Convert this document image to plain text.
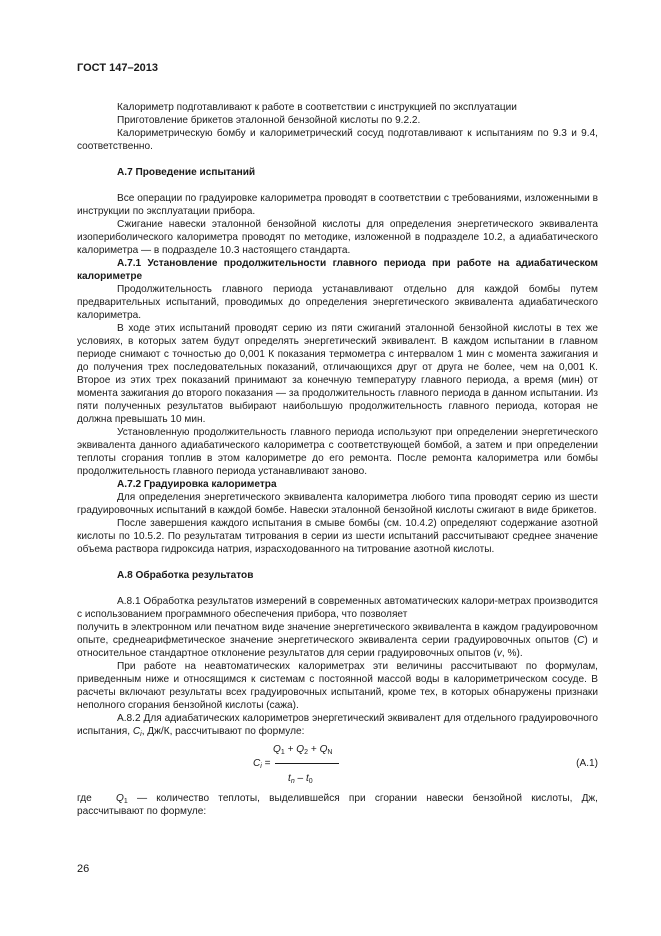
ГОСТ 147–2013

Калориметр подготавливают к работе в соответствии с инструкцией по эксплуатации

Приготовление брикетов эталонной бензойной кислоты по 9.2.2.

Калориметрическую бомбу и калориметрический сосуд подготавливают к испытаниям по 9.3 и 9.4, соответственно.

А.7 Проведение испытаний

Все операции по градуировке калориметра проводят в соответствии с требованиями, изложенными в инструкции по эксплуатации прибора.

Сжигание навески эталонной бензойной кислоты для определения энергетического эквивалента изопериболического калориметра проводят по методике, изложенной в подразделе 10.2, а адиабатического калориметра — в подразделе 10.3 настоящего стандарта.

А.7.1 Установление продолжительности главного периода при работе на адиабатическом калориметре

Продолжительность главного периода устанавливают отдельно для каждой бомбы путем предварительных испытаний, проводимых до определения энергетического эквивалента адиабатического калориметра.

В ходе этих испытаний проводят серию из пяти сжиганий эталонной бензойной кислоты в тех же условиях, в которых затем будут определять энергетический эквивалент. В каждом испытании в главном периоде снимают с точностью до 0,001 К показания термометра с интервалом 1 мин с момента зажигания и до получения трех последовательных показаний, отличающихся друг от друга не более, чем на 0,001 К. Второе из этих трех показаний принимают за конечную температуру главного периода, а время (мин) от момента зажигания до второго показания — за продолжительность главного периода в данном испытании. Из пяти полученных результатов выбирают наибольшую продолжительность главного периода, которая не должна превышать 10 мин.

Установленную продолжительность главного периода используют при определении энергетического эквивалента данного адиабатического калориметра с соответствующей бомбой, а затем и при определении теплоты сгорания топлив в этом калориметре до его ремонта. После ремонта калориметра или бомбы продолжительность главного периода устанавливают заново.

А.7.2 Градуировка калориметра

Для определения энергетического эквивалента калориметра любого типа проводят серию из шести градуировочных испытаний в каждой бомбе. Навески эталонной бензойной кислоты сжигают в виде брикетов.

После завершения каждого испытания в смыве бомбы (см. 10.4.2) определяют содержание азотной кислоты по 10.5.2. По результатам титрования в серии из шести испытаний рассчитывают среднее значение объема раствора гидроксида натрия, израсходованного на титрование азотной кислоты.

А.8 Обработка результатов

А.8.1 Обработка результатов измерений в современных автоматических калори-метрах производится с использованием программного обеспечения прибора, что позволяет

получить в электронном или печатном виде значение энергетического эквивалента в каждом градуировочном опыте, среднеарифметическое значение энергетического эквивалента серии градуировочных опытов (C) и относительное стандартное отклонение результатов для серии градуировочных опытов (v, %).

При работе на неавтоматических калориметрах эти величины рассчитывают по формулам, приведенным ниже и относящимся к системам с постоянной массой воды в калориметрическом сосуде. В расчеты включают результаты всех градуировочных испытаний, кроме тех, в которых обнаружены признаки неполного сгорания бензойной кислоты (сажа).

А.8.2 Для адиабатических калориметров энергетический эквивалент для отдельного градуировочного испытания, $C_i$, Дж/К, рассчитывают по формуле:

$C_i$ =
$Q_1 + Q_2 + Q_N$
$t_n - t_0$
(А.1)

где $Q_1$ — количество теплоты, выделившейся при сгорании навески бензойной кислоты, Дж, рассчитывают по формуле:

26
